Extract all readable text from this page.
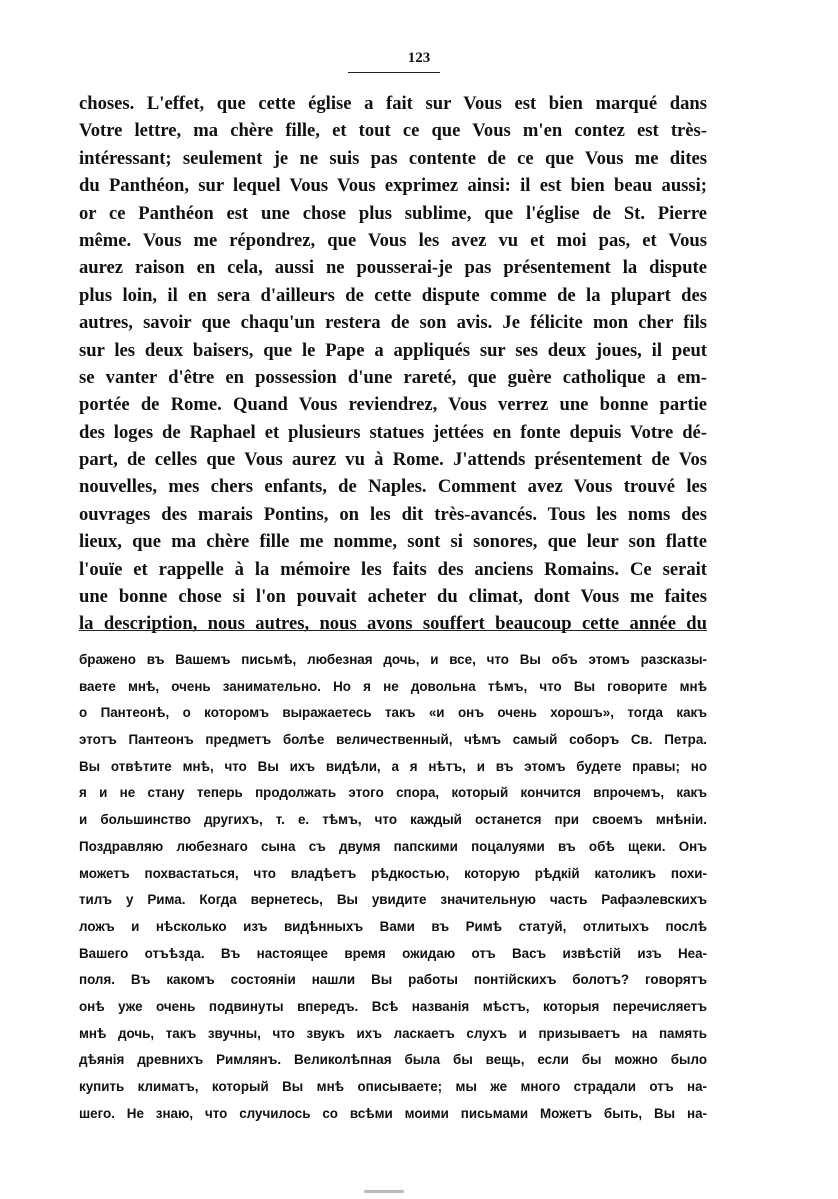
123
choses. L'effet, que cette église a fait sur Vous est bien marqué dans
Votre lettre, ma chère fille, et tout ce que Vous m'en contez est très-
intéressant; seulement je ne suis pas contente de ce que Vous me dites
du Panthéon, sur lequel Vous Vous exprimez ainsi: il est bien beau aussi;
or ce Panthéon est une chose plus sublime, que l'église de St. Pierre
même. Vous me répondrez, que Vous les avez vu et moi pas, et Vous
aurez raison en cela, aussi ne pousserai-je pas présentement la dispute
plus loin, il en sera d'ailleurs de cette dispute comme de la plupart des
autres, savoir que chaqu'un restera de son avis. Je félicite mon cher fils
sur les deux baisers, que le Pape a appliqués sur ses deux joues, il peut
se vanter d'être en possession d'une rareté, que guère catholique a em-
portée de Rome. Quand Vous reviendrez, Vous verrez une bonne partie
des loges de Raphael et plusieurs statues jettées en fonte depuis Votre dé-
part, de celles que Vous aurez vu à Rome. J'attends présentement de Vos
nouvelles, mes chers enfants, de Naples. Comment avez Vous trouvé les
ouvrages des marais Pontins, on les dit très-avancés. Tous les noms des
lieux, que ma chère fille me nomme, sont si sonores, que leur son flatte
l'ouïe et rappelle à la mémoire les faits des anciens Romains. Ce serait
une bonne chose si l'on pouvait acheter du climat, dont Vous me faites
la description, nous autres, nous avons souffert beaucoup cette année du
бражено въ Вашемъ письмѣ, любезная дочь, и все, что Вы объ этомъ разсказы-
ваете мнѣ, очень занимательно. Но я не довольна тѣмъ, что Вы говорите мнѣ
о Пантеонѣ, о которомъ выражаетесь такъ «и онъ очень хорошъ», тогда какъ
этотъ Пантеонъ предметъ болѣе величественный, чѣмъ самый соборъ Св. Петра.
Вы отвѣтите мнѣ, что Вы ихъ видѣли, а я нѣтъ, и въ этомъ будете правы; но
я и не стану теперь продолжать этого спора, который кончится впрочемъ, какъ
и большинство другихъ, т. е. тѣмъ, что каждый останется при своемъ мнѣніи.
Поздравляю любезнаго сына съ двумя папскими поцалуями въ обѣ щеки. Онъ
можетъ похвастаться, что владѣетъ рѣдкостью, которую рѣдкій католикъ похи-
тилъ у Рима. Когда вернетесь, Вы увидите значительную часть Рафаэлевскихъ
ложъ и нѣсколько изъ видѣнныхъ Вами въ Римѣ статуй, отлитыхъ послѣ
Вашего отъѣзда. Въ настоящее время ожидаю отъ Васъ извѣстій изъ Неа-
поля. Въ какомъ состояніи нашли Вы работы понтійскихъ болотъ? говорятъ
онѣ уже очень подвинуты впередъ. Всѣ названія мѣстъ, которыя перечисляетъ
мнѣ дочь, такъ звучны, что звукъ ихъ ласкаетъ слухъ и призываетъ на память
дѣянія древнихъ Римлянъ. Великолѣпная была бы вещь, если бы можно было
купить климатъ, который Вы мнѣ описываете; мы же много страдали отъ на-
шего. Не знаю, что случилось со всѣми моими письмами Можетъ быть, Вы на-
